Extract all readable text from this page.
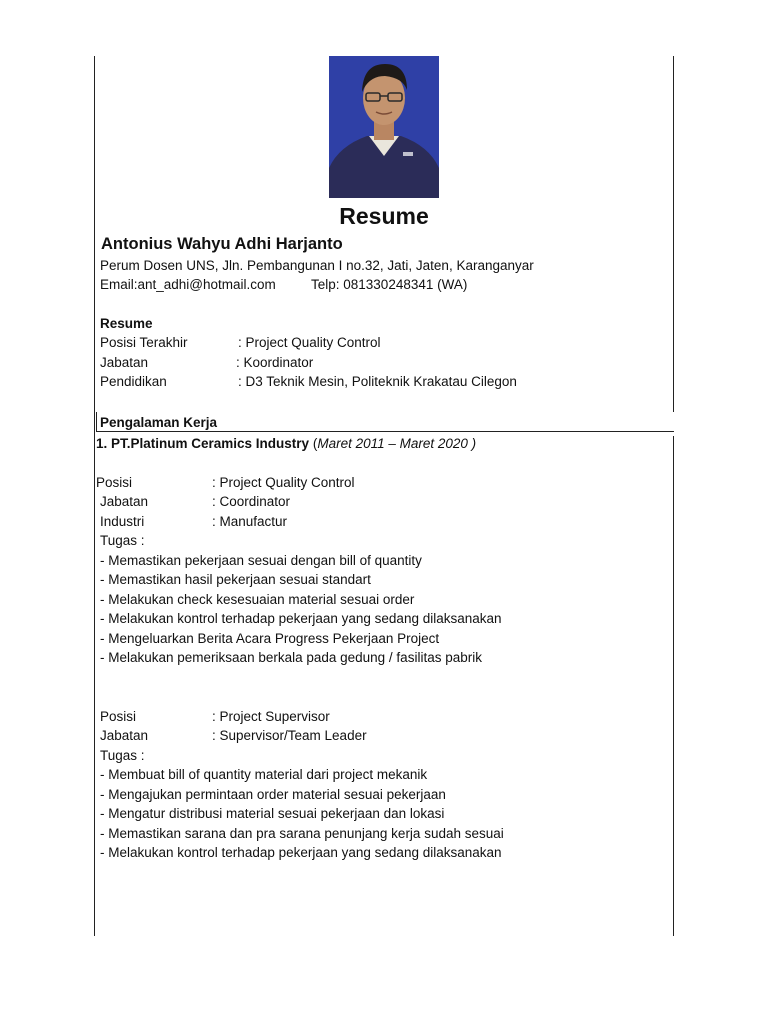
Resume
Antonius Wahyu Adhi Harjanto
Perum Dosen UNS, Jln. Pembangunan I no.32, Jati, Jaten, Karanganyar
Email:ant_adhi@hotmail.com	Telp: 081330248341 (WA)
Resume
Posisi Terakhir	: Project Quality Control
Jabatan	: Koordinator
Pendidikan	: D3 Teknik Mesin, Politeknik Krakatau Cilegon
Pengalaman Kerja
1. PT.Platinum Ceramics Industry (Maret 2011 – Maret 2020 )
Posisi	: Project Quality Control
Jabatan	: Coordinator
Industri	: Manufactur
Tugas :
- Memastikan pekerjaan sesuai dengan bill of quantity
- Memastikan hasil pekerjaan sesuai standart
- Melakukan check kesesuaian material sesuai order
- Melakukan kontrol terhadap pekerjaan yang sedang dilaksanakan
- Mengeluarkan Berita Acara Progress Pekerjaan Project
- Melakukan pemeriksaan berkala pada gedung / fasilitas pabrik
Posisi	: Project Supervisor
Jabatan	: Supervisor/Team Leader
Tugas :
- Membuat bill of quantity material dari project mekanik
- Mengajukan permintaan order material sesuai pekerjaan
- Mengatur distribusi material sesuai pekerjaan dan lokasi
- Memastikan sarana dan pra sarana penunjang kerja sudah sesuai
- Melakukan kontrol terhadap pekerjaan yang sedang dilaksanakan
